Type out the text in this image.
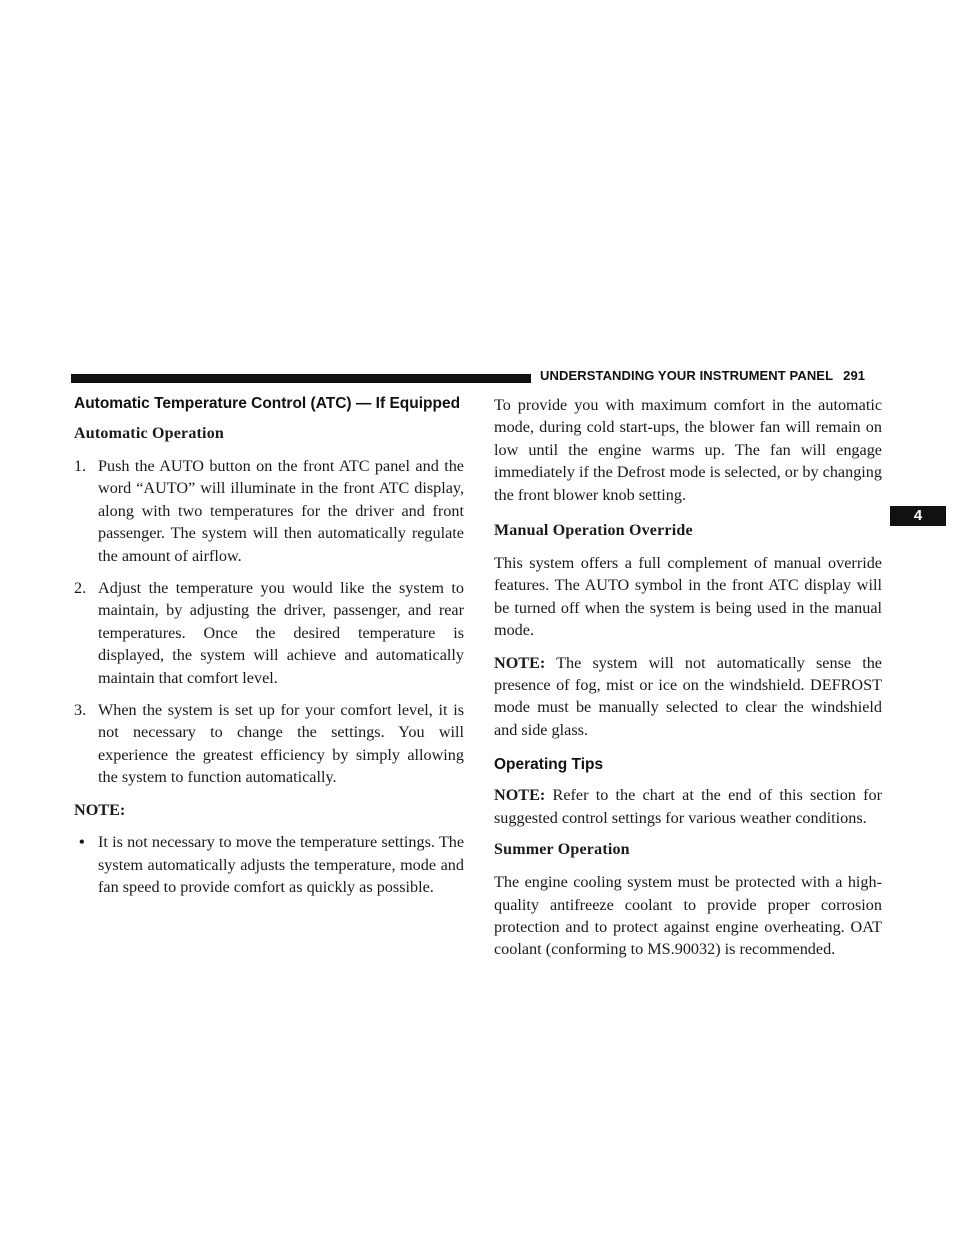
UNDERSTANDING YOUR INSTRUMENT PANEL 291
4
Automatic Temperature Control (ATC) — If Equipped
Automatic Operation
1. Push the AUTO button on the front ATC panel and the word “AUTO” will illuminate in the front ATC display, along with two temperatures for the driver and front passenger. The system will then automatically regulate the amount of airflow.
2. Adjust the temperature you would like the system to maintain, by adjusting the driver, passenger, and rear temperatures. Once the desired temperature is displayed, the system will achieve and automatically maintain that comfort level.
3. When the system is set up for your comfort level, it is not necessary to change the settings. You will experience the greatest efficiency by simply allowing the system to function automatically.

NOTE:

• It is not necessary to move the temperature settings. The system automatically adjusts the temperature, mode and fan speed to provide comfort as quickly as possible.

To provide you with maximum comfort in the automatic mode, during cold start-ups, the blower fan will remain on low until the engine warms up. The fan will engage immediately if the Defrost mode is selected, or by changing the front blower knob setting.

Manual Operation Override

This system offers a full complement of manual override features. The AUTO symbol in the front ATC display will be turned off when the system is being used in the manual mode.

NOTE: The system will not automatically sense the presence of fog, mist or ice on the windshield. DEFROST mode must be manually selected to clear the windshield and side glass.

Operating Tips

NOTE: Refer to the chart at the end of this section for suggested control settings for various weather conditions.

Summer Operation

The engine cooling system must be protected with a high-quality antifreeze coolant to provide proper corrosion protection and to protect against engine overheating. OAT coolant (conforming to MS.90032) is recommended.
